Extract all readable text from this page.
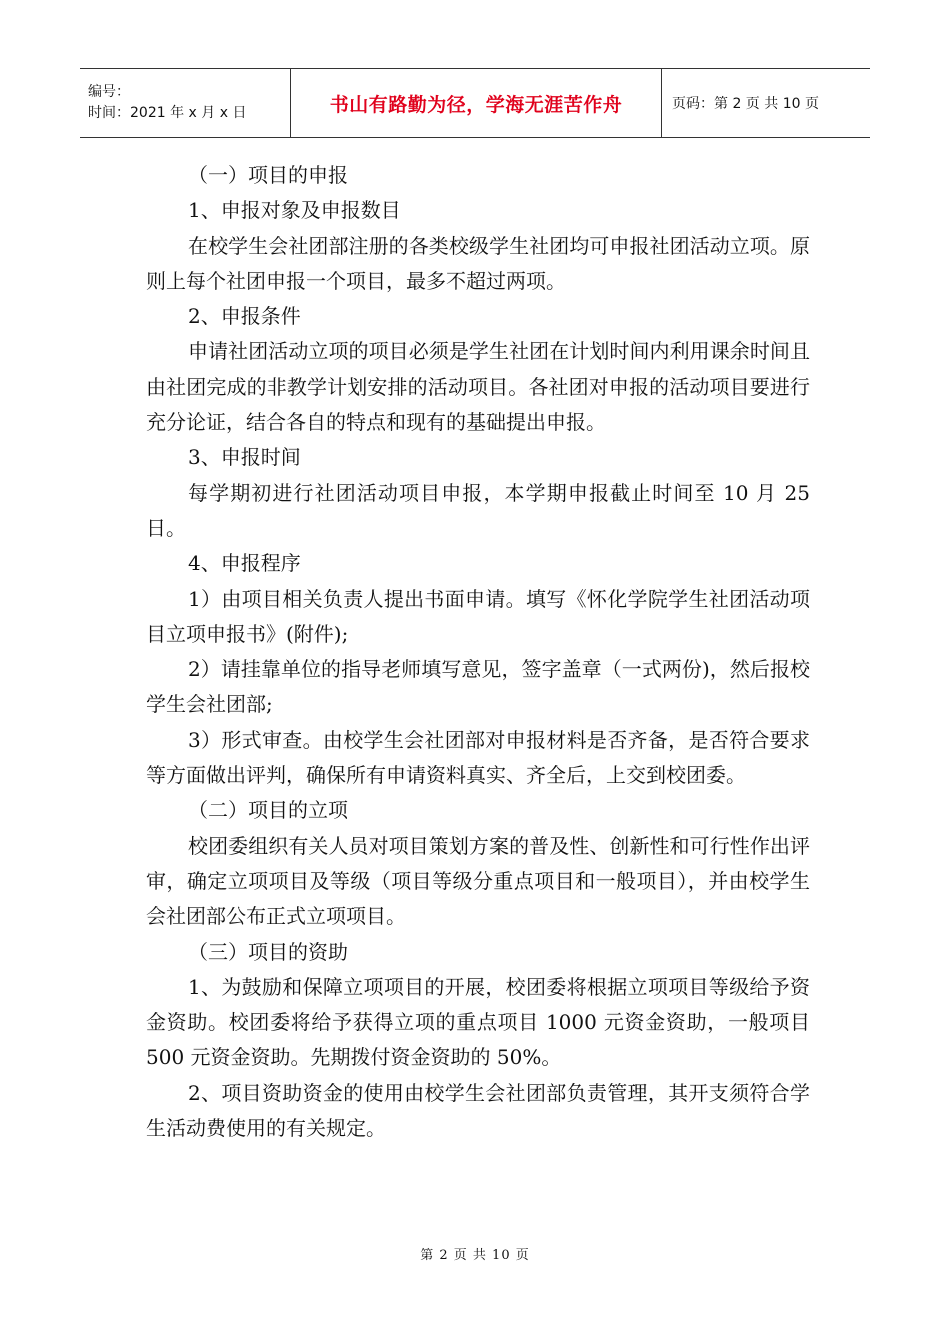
编号：
时间：2021 年 x 月 x 日	书山有路勤为径，学海无涯苦作舟	页码：第 2 页 共 10 页

（一）项目的申报

1、申报对象及申报数目

在校学生会社团部注册的各类校级学生社团均可申报社团活动立项。原则上每个社团申报一个项目，最多不超过两项。

2、申报条件

申请社团活动立项的项目必须是学生社团在计划时间内利用课余时间且由社团完成的非教学计划安排的活动项目。各社团对申报的活动项目要进行充分论证，结合各自的特点和现有的基础提出申报。

3、申报时间

每学期初进行社团活动项目申报，本学期申报截止时间至 10 月 25 日。

4、申报程序

1）由项目相关负责人提出书面申请。填写《怀化学院学生社团活动项目立项申报书》(附件);

2）请挂靠单位的指导老师填写意见，签字盖章（一式两份)，然后报校学生会社团部;

3）形式审查。由校学生会社团部对申报材料是否齐备，是否符合要求等方面做出评判，确保所有申请资料真实、齐全后，上交到校团委。

（二）项目的立项

校团委组织有关人员对项目策划方案的普及性、创新性和可行性作出评审，确定立项项目及等级（项目等级分重点项目和一般项目），并由校学生会社团部公布正式立项项目。

（三）项目的资助

1、为鼓励和保障立项项目的开展，校团委将根据立项项目等级给予资金资助。校团委将给予获得立项的重点项目 1000 元资金资助，一般项目 500 元资金资助。先期拨付资金资助的 50%。

2、项目资助资金的使用由校学生会社团部负责管理，其开支须符合学生活动费使用的有关规定。

第 2 页 共 10 页
